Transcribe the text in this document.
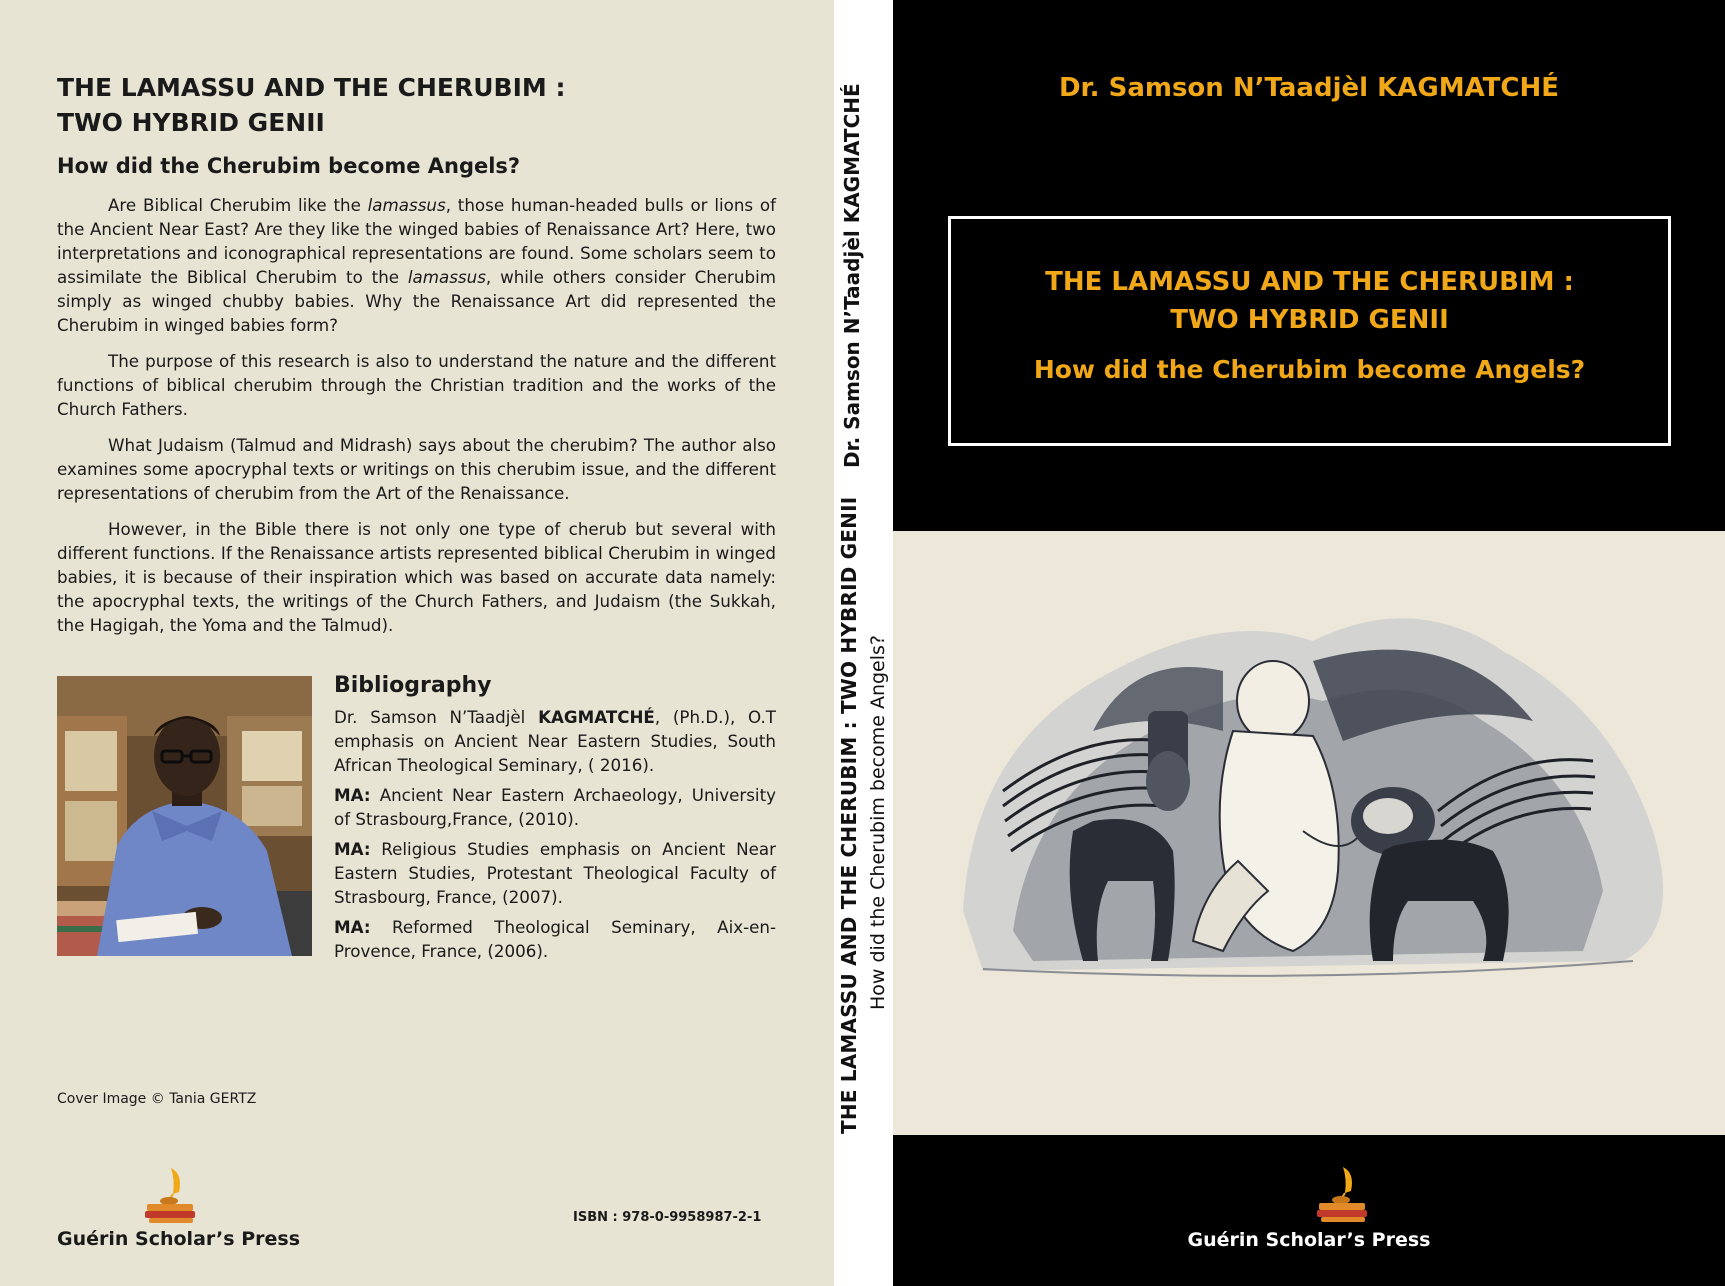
THE LAMASSU AND THE CHERUBIM :
TWO HYBRID GENII
How did the Cherubim become Angels?

Are Biblical Cherubim like the lamassus, those human-headed bulls or lions of the Ancient Near East? Are they like the winged babies of Renaissance Art? Here, two interpretations and iconographical representations are found. Some scholars seem to assimilate the Biblical Cherubim to the lamassus, while others consider Cherubim simply as winged chubby babies. Why the Renaissance Art did represented the Cherubim in winged babies form?

The purpose of this research is also to understand the nature and the different functions of biblical cherubim through the Christian tradition and the works of the Church Fathers.

What Judaism (Talmud and Midrash) says about the cherubim? The author also examines some apocryphal texts or writings on this cherubim issue, and the different representations of cherubim from the Art of the Renaissance.

However, in the Bible there is not only one type of cherub but several with different functions. If the Renaissance artists represented biblical Cherubim in winged babies, it is because of their inspiration which was based on accurate data namely: the apocryphal texts, the writings of the Church Fathers, and Judaism (the Sukkah, the Hagigah, the Yoma and the Talmud).

Bibliography

Dr. Samson N’Taadjèl KAGMATCHÉ, (Ph.D.), O.T emphasis on Ancient Near Eastern Studies, South African Theological Seminary, ( 2016).

MA: Ancient Near Eastern Archaeology, University of Strasbourg,France, (2010).

MA: Religious Studies emphasis on Ancient Near Eastern Studies, Protestant Theological Faculty of Strasbourg, France, (2007).

MA: Reformed Theological Seminary, Aix-en-Provence, France, (2006).

Cover Image © Tania GERTZ
Guérin Scholar’s Press
ISBN : 978-0-9958987-2-1
THE LAMASSU AND THE CHERUBIM : TWO HYBRID GENII How did the Cherubim become Angels?
Dr. Samson N’Taadjèl KAGMATCHÉ	Dr. Samson N’Taadjèl KAGMATCHÉ
THE LAMASSU AND THE CHERUBIM :
TWO HYBRID GENII
How did the Cherubim become Angels?
Guérin Scholar’s Press
